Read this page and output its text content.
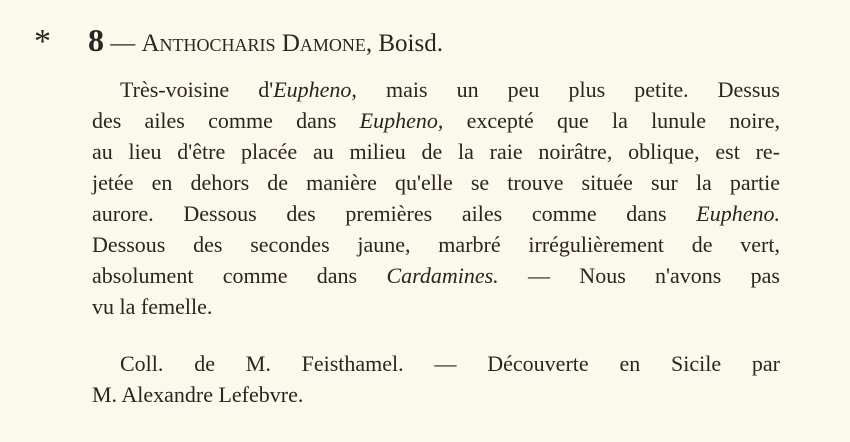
* 8 — Anthocharis Damone, Boisd.
Très-voisine d'Eupheno, mais un peu plus petite. Dessus
des ailes comme dans Eupheno, excepté que la lunule noire,
au lieu d'être placée au milieu de la raie noirâtre, oblique, est re-
jetée en dehors de manière qu'elle se trouve située sur la partie
aurore. Dessous des premières ailes comme dans Eupheno.
Dessous des secondes jaune, marbré irrégulièrement de vert,
absolument comme dans Cardamines. — Nous n'avons pas
vu la femelle.
Coll. de M. Feisthamel. — Découverte en Sicile par
M. Alexandre Lefebvre.
